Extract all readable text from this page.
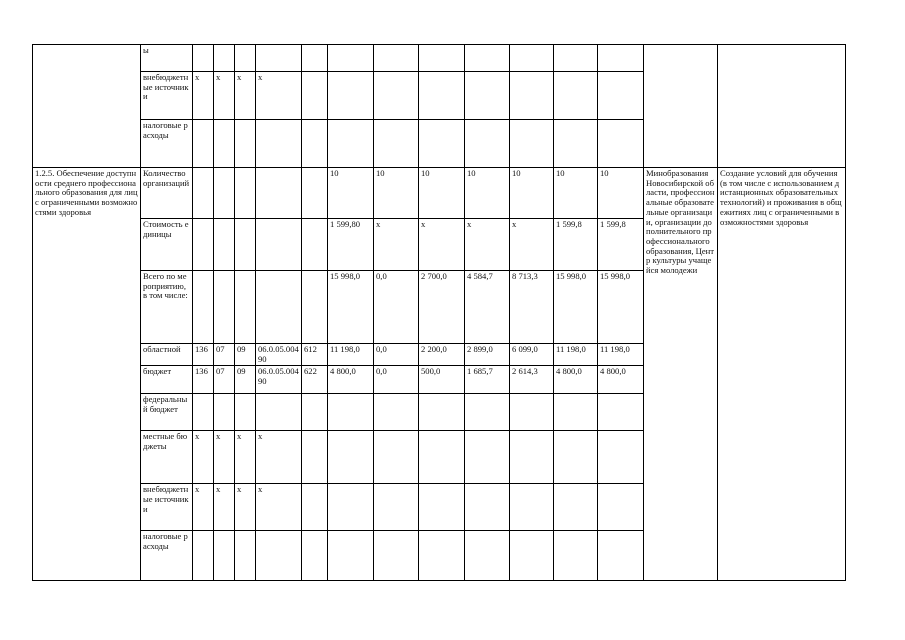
	ы														
	внебюджетные источники	х	х	х	х										
	налоговые расходы														
1.2.5. Обеспечение доступности среднего профессионального образования для лиц с ограниченными возможностями здоровья	Количество организаций						10	10	10	10	10	10	10	Минобразования Новосибирской области, профессиональные образовательные организации, организации дополнительного профессионального образования, Центр культуры учащейся молодежи	Создание условий для обучения (в том числе с использованием дистанционных образовательных технологий) и проживания в общежитиях лиц с ограниченными возможностями здоровья
	Стоимость единицы						1 599,80	х	х	х	х	1 599,8	1 599,8		
	Всего по мероприятию, в том числе:						15 998,0	0,0	2 700,0	4 584,7	8 713,3	15 998,0	15 998,0		
	областной	136	07	09	06.0.05.00490	612	11 198,0	0,0	2 200,0	2 899,0	6 099,0	11 198,0	11 198,0		
	бюджет	136	07	09	06.0.05.00490	622	4 800,0	0,0	500,0	1 685,7	2 614,3	4 800,0	4 800,0		
	федеральный бюджет														
	местные бюджеты	х	х	х	х										
	внебюджетные источники	х	х	х	х										
	налоговые расходы														
